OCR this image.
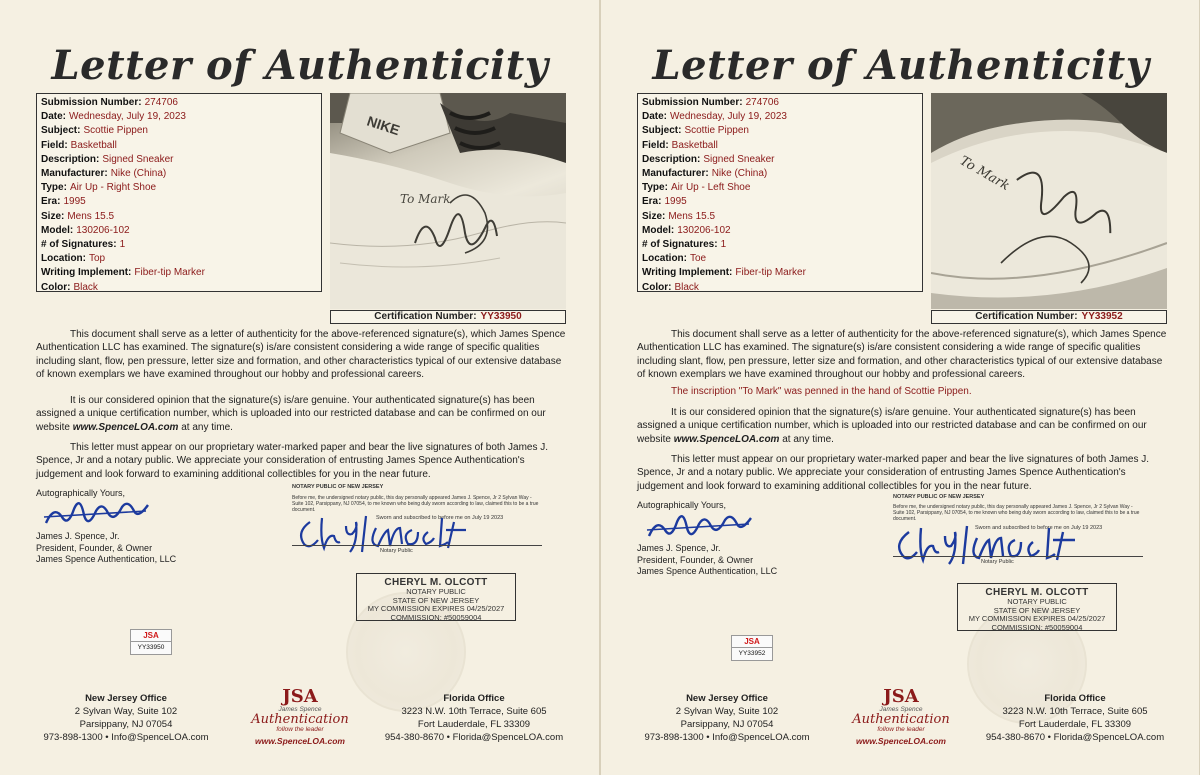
Letter of Authenticity
Submission Number: 274706
Date: Wednesday, July 19, 2023
Subject: Scottie Pippen
Field: Basketball
Description: Signed Sneaker
Manufacturer: Nike (China)
Type: Air Up - Right Shoe
Era: 1995
Size: Mens 15.5
Model: 130206-102
# of Signatures: 1
Location: Top
Writing Implement: Fiber-tip Marker
Color: Black
NIKE
To Mark
Certification Number: YY33950

This document shall serve as a letter of authenticity for the above-referenced signature(s), which James Spence Authentication LLC has examined. The signature(s) is/are consistent considering a wide range of specific qualities including slant, flow, pen pressure, letter size and formation, and other characteristics typical of our extensive database of known exemplars we have examined throughout our hobby and professional careers.

It is our considered opinion that the signature(s) is/are genuine. Your authenticated signature(s) has been assigned a unique certification number, which is uploaded into our restricted database and can be confirmed on our website www.SpenceLOA.com at any time.

This letter must appear on our proprietary water-marked paper and bear the live signatures of both James J. Spence, Jr and a notary public. We appreciate your consideration of entrusting James Spence Authentication's judgement and look forward to examining additional collectibles for you in the near future.

Autographically Yours,
James J. Spence, Jr.
President, Founder, & Owner
James Spence Authentication, LLC
NOTARY PUBLIC OF NEW JERSEY
Before me, the undersigned notary public, this day personally appeared James J. Spence, Jr 2 Sylvan Way - Suite 102, Parsippany, NJ 07054, to me known who being duly sworn according to law, claimed this to be a true document.
Sworn and subscribed to before me on July 19 2023
Notary Public
CHERYL M. OLCOTT
NOTARY PUBLIC
STATE OF NEW JERSEY
MY COMMISSION EXPIRES 04/25/2027
COMMISSION: #50059004
JSA
YY33950
New Jersey Office
2 Sylvan Way, Suite 102
Parsippany, NJ 07054
973-898-1300 • Info@SpenceLOA.com
JSA
James Spence
Authentication
follow the leader
www.SpenceLOA.com
Florida Office
3223 N.W. 10th Terrace, Suite 605
Fort Lauderdale, FL 33309
954-380-8670 • Florida@SpenceLOA.com
Letter of Authenticity
Submission Number: 274706
Date: Wednesday, July 19, 2023
Subject: Scottie Pippen
Field: Basketball
Description: Signed Sneaker
Manufacturer: Nike (China)
Type: Air Up - Left Shoe
Era: 1995
Size: Mens 15.5
Model: 130206-102
# of Signatures: 1
Location: Toe
Writing Implement: Fiber-tip Marker
Color: Black
To Mark
Certification Number: YY33952

This document shall serve as a letter of authenticity for the above-referenced signature(s), which James Spence Authentication LLC has examined. The signature(s) is/are consistent considering a wide range of specific qualities including slant, flow, pen pressure, letter size and formation, and other characteristics typical of our extensive database of known exemplars we have examined throughout our hobby and professional careers.

The inscription "To Mark" was penned in the hand of Scottie Pippen.

It is our considered opinion that the signature(s) is/are genuine. Your authenticated signature(s) has been assigned a unique certification number, which is uploaded into our restricted database and can be confirmed on our website www.SpenceLOA.com at any time.

This letter must appear on our proprietary water-marked paper and bear the live signatures of both James J. Spence, Jr and a notary public. We appreciate your consideration of entrusting James Spence Authentication's judgement and look forward to examining additional collectibles for you in the near future.

Autographically Yours,
James J. Spence, Jr.
President, Founder, & Owner
James Spence Authentication, LLC
NOTARY PUBLIC OF NEW JERSEY
Before me, the undersigned notary public, this day personally appeared James J. Spence, Jr 2 Sylvan Way - Suite 102, Parsippany, NJ 07054, to me known who being duly sworn according to law, claimed this to be a true document.
Sworn and subscribed to before me on July 19 2023
Notary Public
CHERYL M. OLCOTT
NOTARY PUBLIC
STATE OF NEW JERSEY
MY COMMISSION EXPIRES 04/25/2027
COMMISSION: #50059004
JSA
YY33952
New Jersey Office
2 Sylvan Way, Suite 102
Parsippany, NJ 07054
973-898-1300 • Info@SpenceLOA.com
JSA
James Spence
Authentication
follow the leader
www.SpenceLOA.com
Florida Office
3223 N.W. 10th Terrace, Suite 605
Fort Lauderdale, FL 33309
954-380-8670 • Florida@SpenceLOA.com
